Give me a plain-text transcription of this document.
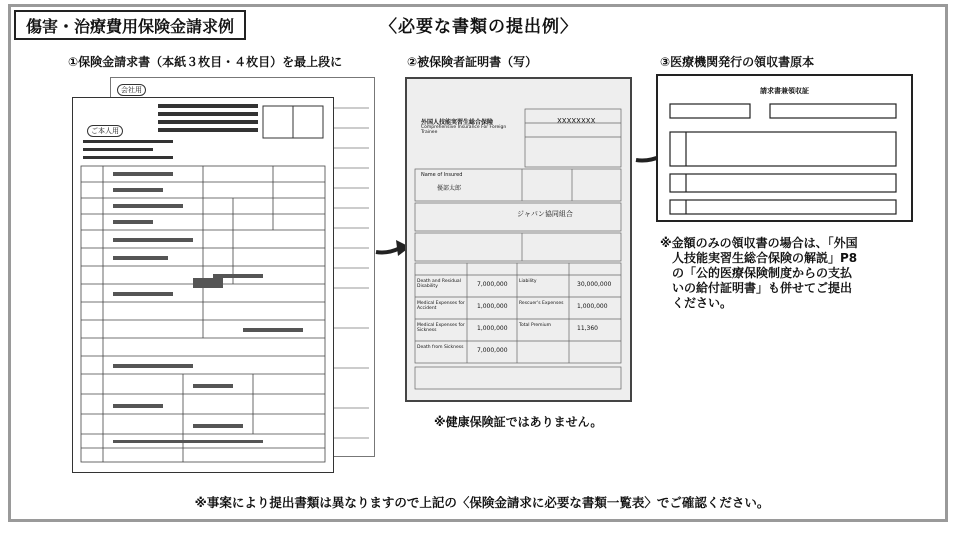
傷害・治療費用保険金請求例	〈必要な書類の提出例〉
①保険金請求書（本紙３枚目・４枚目）を最上段に	②被保険者証明書（写）	③医療機関発行の領収書原本
会社用
ご本人用
外国人技能実習生総合保険
Comprehensive Insurance For Foreign Trainee
Name of Insured
優部太郎
ジャパン協同組合
XXXXXXXX
Death and Residual Disability	7,000,000	Liability	30,000,000
Medical Expenses for Accident	1,000,000	Rescuer's Expenses	1,000,000
Medical Expenses for Sickness	1,000,000	Total Premium	11,360
Death from Sickness 7,000,000
※健康保険証ではありません。
請求書兼領収証
※金額のみの領収書の場合は、「外国
人技能実習生総合保険の解説」P8
の「公的医療保険制度からの支払
いの給付証明書」も併せてご提出
ください。
※事案により提出書類は異なりますので上記の〈保険金請求に必要な書類一覧表〉でご確認ください。
